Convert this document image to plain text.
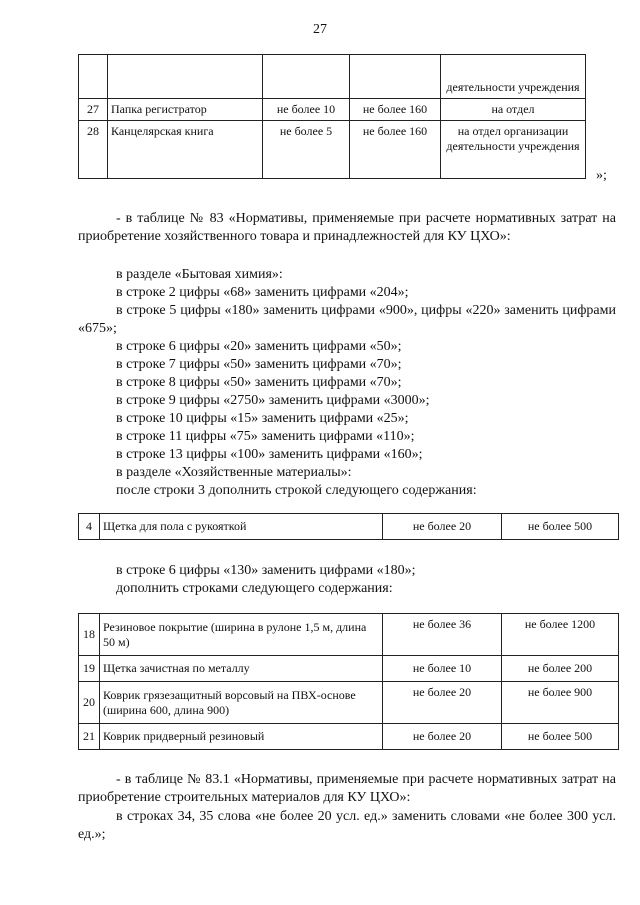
27
				деятельности учреждения
27	Папка регистратор	не более 10	не более 160	на отдел
28	Канцелярская книга	не более 5	не более 160	на отдел организации деятельности учреждения
»;
- в таблице № 83 «Нормативы, применяемые при расчете нормативных затрат на приобретение хозяйственного товара и принадлежностей для КУ ЦХО»:
в разделе «Бытовая химия»:
в строке 2 цифры «68» заменить цифрами «204»;
в строке 5 цифры «180» заменить цифрами «900», цифры «220» заменить цифрами «675»;
в строке 6 цифры «20» заменить цифрами «50»;
в строке 7 цифры «50» заменить цифрами «70»;
в строке 8 цифры «50» заменить цифрами «70»;
в строке 9 цифры «2750» заменить цифрами «3000»;
в строке 10 цифры «15» заменить цифрами «25»;
в строке 11 цифры «75» заменить цифрами «110»;
в строке 13 цифры «100» заменить цифрами «160»;
в разделе «Хозяйственные материалы»:
после строки 3 дополнить строкой следующего содержания:
4	Щетка для пола с рукояткой	не более 20	не более 500
в строке 6 цифры «130» заменить цифрами «180»;
дополнить строками следующего содержания:
18	Резиновое покрытие (ширина в рулоне 1,5 м, длина 50 м)	не более 36	не более 1200
19	Щетка зачистная по металлу	не более 10	не более 200
20	Коврик грязезащитный ворсовый на ПВХ-основе (ширина 600, длина 900)	не более 20	не более 900
21	Коврик придверный резиновый	не более 20	не более 500
- в таблице № 83.1 «Нормативы, применяемые при расчете нормативных затрат на приобретение строительных материалов для КУ ЦХО»:
в строках 34, 35 слова «не более 20 усл. ед.» заменить словами «не более 300 усл. ед.»;
